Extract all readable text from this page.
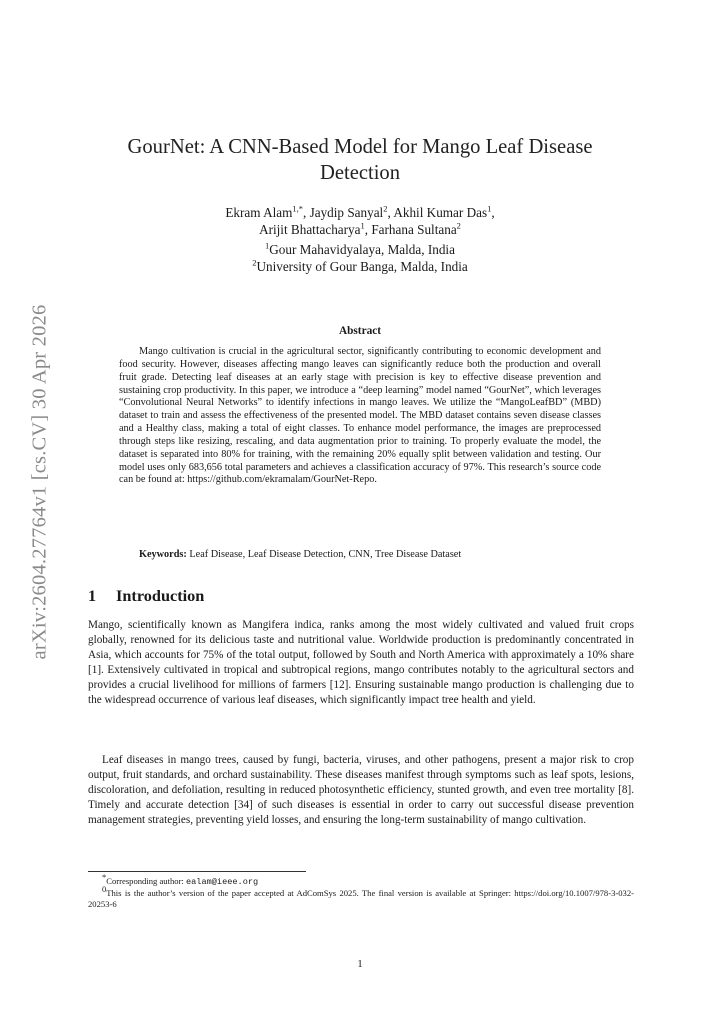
arXiv:2604.27764v1 [cs.CV] 30 Apr 2026
GourNet: A CNN-Based Model for Mango Leaf Disease
Detection
Ekram Alam$^{1,*}$, Jaydip Sanyal$^2$, Akhil Kumar Das$^1$,
Arijit Bhattacharya$^1$, Farhana Sultana$^2$
$^1$Gour Mahavidyalaya, Malda, India
$^2$University of Gour Banga, Malda, India
Abstract

Mango cultivation is crucial in the agricultural sector, significantly contributing to economic development and food security. However, diseases affecting mango leaves can significantly reduce both the production and overall fruit grade. Detecting leaf diseases at an early stage with precision is key to effective disease prevention and sustaining crop productivity. In this paper, we introduce a “deep learning” model named “GourNet”, which leverages “Convolutional Neural Networks” to identify infections in mango leaves. We utilize the “MangoLeafBD” (MBD) dataset to train and assess the effectiveness of the presented model. The MBD dataset contains seven disease classes and a Healthy class, making a total of eight classes. To enhance model performance, the images are preprocessed through steps like resizing, rescaling, and data augmentation prior to training. To properly evaluate the model, the dataset is separated into 80% for training, with the remaining 20% equally split between validation and testing. Our model uses only 683,656 total parameters and achieves a classification accuracy of 97%. This research’s source code can be found at: https://github.com/ekramalam/GourNet-Repo.

Keywords: Leaf Disease, Leaf Disease Detection, CNN, Tree Disease Dataset
1 Introduction

Mango, scientifically known as Mangifera indica, ranks among the most widely cultivated and valued fruit crops globally, renowned for its delicious taste and nutritional value. Worldwide production is predominantly concentrated in Asia, which accounts for 75% of the total output, followed by South and North America with approximately a 10% share [1]. Extensively cultivated in tropical and subtropical regions, mango contributes notably to the agricultural sectors and provides a crucial livelihood for millions of farmers [12]. Ensuring sustainable mango production is challenging due to the widespread occurrence of various leaf diseases, which significantly impact tree health and yield.

Leaf diseases in mango trees, caused by fungi, bacteria, viruses, and other pathogens, present a major risk to crop output, fruit standards, and orchard sustainability. These diseases manifest through symptoms such as leaf spots, lesions, discoloration, and defoliation, resulting in reduced photosynthetic efficiency, stunted growth, and even tree mortality [8]. Timely and accurate detection [34] of such diseases is essential in order to carry out successful disease prevention management strategies, preventing yield losses, and ensuring the long-term sustainability of mango cultivation.

*Corresponding author: ealam@ieee.org

$^0$This is the author’s version of the paper accepted at AdComSys 2025. The final version is available at Springer: https://doi.org/10.1007/978-3-032-20253-6

1
